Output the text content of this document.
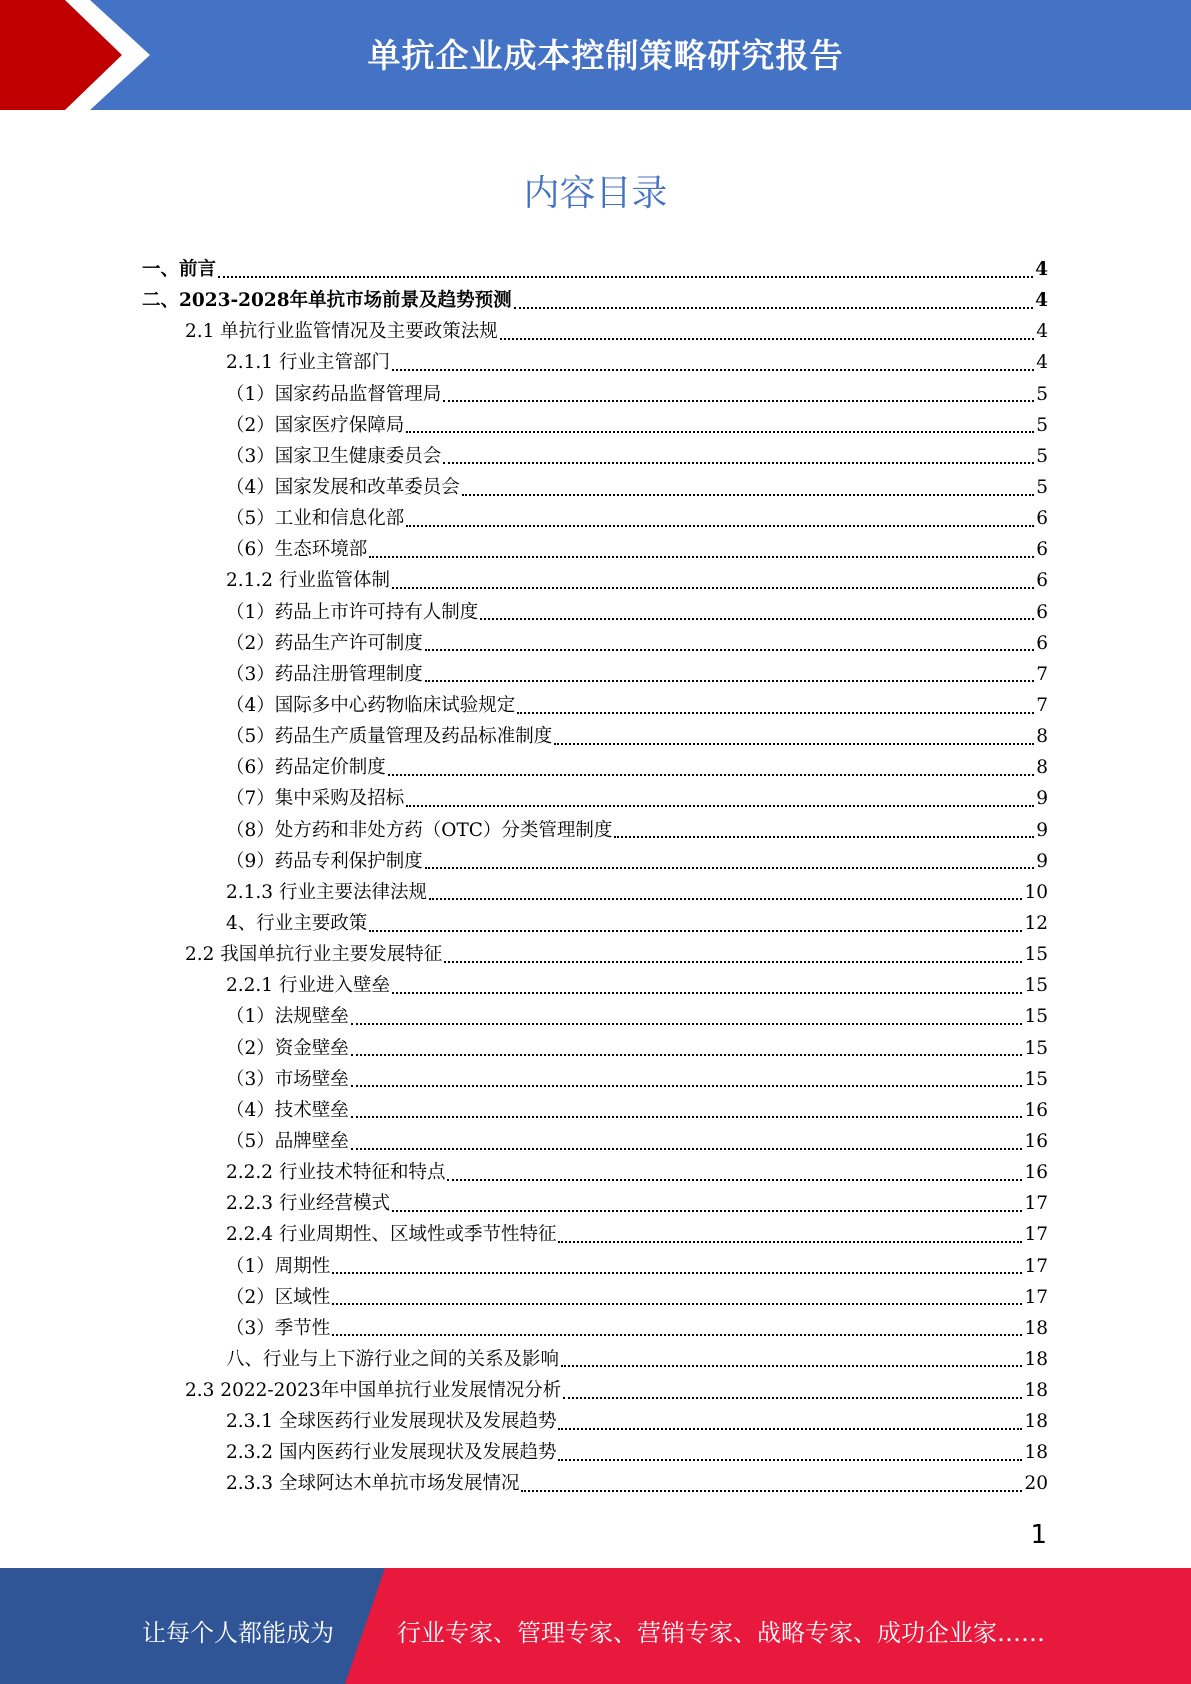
单抗企业成本控制策略研究报告
内容目录
一、前言	4
二、2023-2028年单抗市场前景及趋势预测	4
2.1 单抗行业监管情况及主要政策法规	4
2.1.1 行业主管部门	4
（1）国家药品监督管理局	5
（2）国家医疗保障局	5
（3）国家卫生健康委员会	5
（4）国家发展和改革委员会	5
（5）工业和信息化部	6
（6）生态环境部	6
2.1.2 行业监管体制	6
（1）药品上市许可持有人制度	6
（2）药品生产许可制度	6
（3）药品注册管理制度	7
（4）国际多中心药物临床试验规定	7
（5）药品生产质量管理及药品标准制度	8
（6）药品定价制度	8
（7）集中采购及招标	9
（8）处方药和非处方药（OTC）分类管理制度	9
（9）药品专利保护制度	9
2.1.3 行业主要法律法规	10
4、行业主要政策	12
2.2 我国单抗行业主要发展特征	15
2.2.1 行业进入壁垒	15
（1）法规壁垒	15
（2）资金壁垒	15
（3）市场壁垒	15
（4）技术壁垒	16
（5）品牌壁垒	16
2.2.2 行业技术特征和特点	16
2.2.3 行业经营模式	17
2.2.4 行业周期性、区域性或季节性特征	17
（1）周期性	17
（2）区域性	17
（3）季节性	18
八、行业与上下游行业之间的关系及影响	18
2.3 2022-2023年中国单抗行业发展情况分析	18
2.3.1 全球医药行业发展现状及发展趋势	18
2.3.2 国内医药行业发展现状及发展趋势	18
2.3.3 全球阿达木单抗市场发展情况	20
1
让每个人都能成为	行业专家、管理专家、营销专家、战略专家、成功企业家……
